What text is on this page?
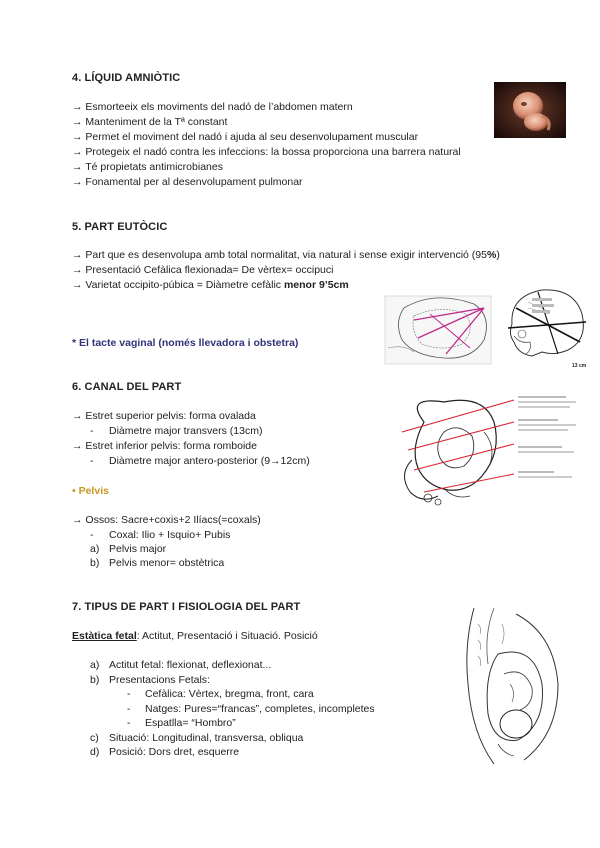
4. LÍQUID AMNIÒTIC
→ Esmorteeix els moviments del nadó de l’abdomen matern
→ Manteniment de la Tª constant
→ Permet el moviment del nadó i ajuda al seu desenvolupament muscular
→ Protegeix el nadó contra les infeccions: la bossa proporciona una barrera natural
→ Té propietats antimicrobianes
→ Fonamental per al desenvolupament pulmonar
5. PART EUTÒCIC
→ Part que es desenvolupa amb total normalitat, via natural i sense exigir intervenció (95%)
→ Presentació Cefàlica flexionada= De vèrtex= occipuci
→ Varietat occipito-púbica = Diàmetre cefàlic menor 9’5cm
* El tacte vaginal (només llevadora i obstetra)
13 cm
6. CANAL DEL PART
→ Estret superior pelvis: forma ovalada
- Diàmetre major transvers (13cm)
→ Estret inferior pelvis: forma romboide
- Diàmetre major antero-posterior (9→12cm)
• Pelvis
→ Ossos: Sacre+coxis+2 Ilíacs(=coxals)
- Coxal: Ilio + Isquio+ Pubis
a) Pelvis major
b) Pelvis menor= obstètrica
7. TIPUS DE PART I FISIOLOGIA DEL PART
Estàtica fetal: Actitut, Presentació i Situació. Posició
a) Actitut fetal: flexionat, deflexionat...
b) Presentacions Fetals:
- Cefàlica: Vèrtex, bregma, front, cara
- Natges: Pures=“francas”, completes, incompletes
- Espatlla= “Hombro”
c) Situació: Longitudinal, transversa, obliqua
d) Posició: Dors dret, esquerre
